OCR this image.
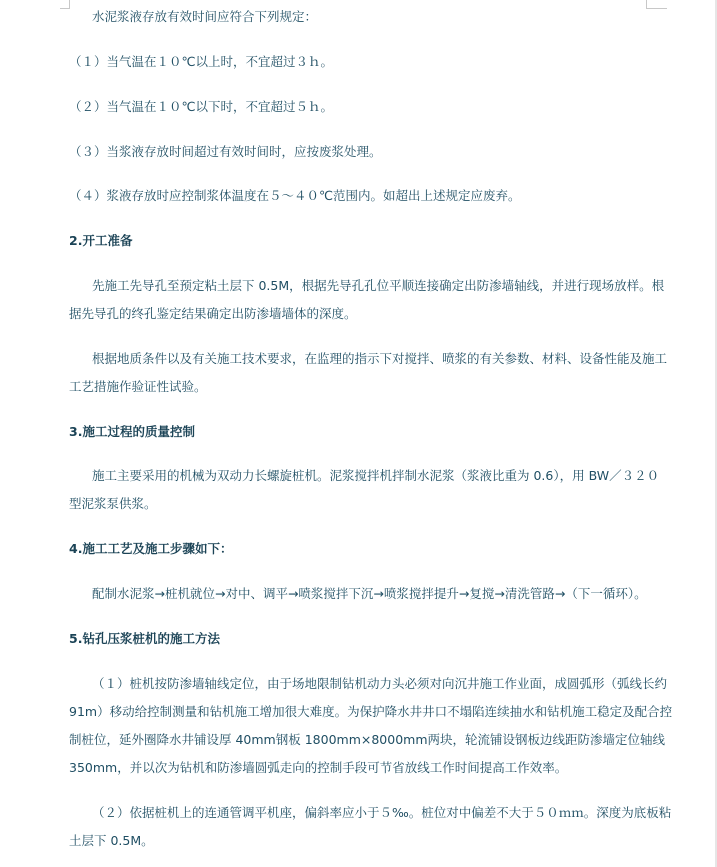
水泥浆液存放有效时间应符合下列规定：
（１）当气温在１０℃以上时，不宜超过３ｈ。
（２）当气温在１０℃以下时，不宜超过５ｈ。
（３）当浆液存放时间超过有效时间时，应按废浆处理。
（４）浆液存放时应控制浆体温度在５～４０℃范围内。如超出上述规定应废弃。
2.开工准备
先施工先导孔至预定粘土层下 0.5M，根据先导孔孔位平顺连接确定出防渗墙轴线，并进行现场放样。根
据先导孔的终孔鉴定结果确定出防渗墙墙体的深度。
根据地质条件以及有关施工技术要求，在监理的指示下对搅拌、喷浆的有关参数、材料、设备性能及施工
工艺措施作验证性试验。
3.施工过程的质量控制
施工主要采用的机械为双动力长螺旋桩机。泥浆搅拌机拌制水泥浆（浆液比重为 0.6），用 BW／３２０
型泥浆泵供浆。
4.施工工艺及施工步骤如下：
配制水泥浆→桩机就位→对中、调平→喷浆搅拌下沉→喷浆搅拌提升→复搅→清洗管路→（下一循环）。
5.钻孔压浆桩机的施工方法
（１）桩机按防渗墙轴线定位，由于场地限制钻机动力头必须对向沉井施工作业面，成圆弧形（弧线长约
91m）移动给控制测量和钻机施工增加很大难度。为保护降水井井口不塌陷连续抽水和钻机施工稳定及配合控
制桩位，延外圈降水井铺设厚 40mm钢板 1800mm×8000mm两块，轮流铺设钢板边线距防渗墙定位轴线
350mm，并以次为钻机和防渗墙圆弧走向的控制手段可节省放线工作时间提高工作效率。
（２）依据桩机上的连通管调平机座，偏斜率应小于５‰。桩位对中偏差不大于５０ｍｍ。深度为底板粘
土层下 0.5M。
